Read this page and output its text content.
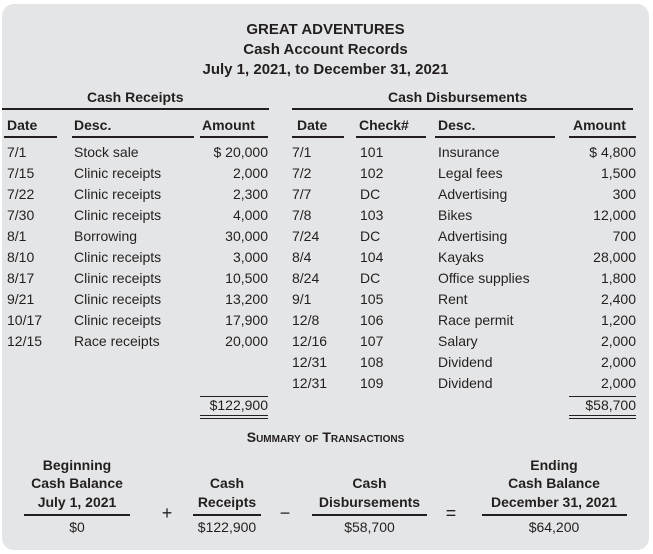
GREAT ADVENTURES
Cash Account Records
July 1, 2021, to December 31, 2021
Cash Receipts	Cash Disbursements
Date	Desc.	Amount	Date Check# Desc.	Amount
7/1	Stock sale	$ 20,000
7/15	Clinic receipts	2,000
7/22	Clinic receipts	2,300
7/30	Clinic receipts	4,000
8/1	Borrowing	30,000
8/10	Clinic receipts	3,000
8/17	Clinic receipts	10,500
9/21	Clinic receipts	13,200
10/17 Clinic receipts	17,900
12/15 Race receipts	20,000
$122,900
7/1	101	Insurance	$ 4,800
7/2	102	Legal fees	1,500
7/7	DC	Advertising	300
7/8	103	Bikes	12,000
7/24	DC	Advertising	700
8/4	104	Kayaks	28,000
8/24	DC	Office supplies	1,800
9/1	105	Rent	2,400
12/8	106	Race permit	1,200
12/16 107	Salary	2,000
12/31 108	Dividend	2,000
12/31 109	Dividend	2,000
$58,700
Summary of Transactions
Beginning
Cash Balance
July 1, 2021
$0
+
Cash
Receipts
$122,900
−
Cash
Disbursements
$58,700
=
Ending
Cash Balance
December 31, 2021
$64,200
